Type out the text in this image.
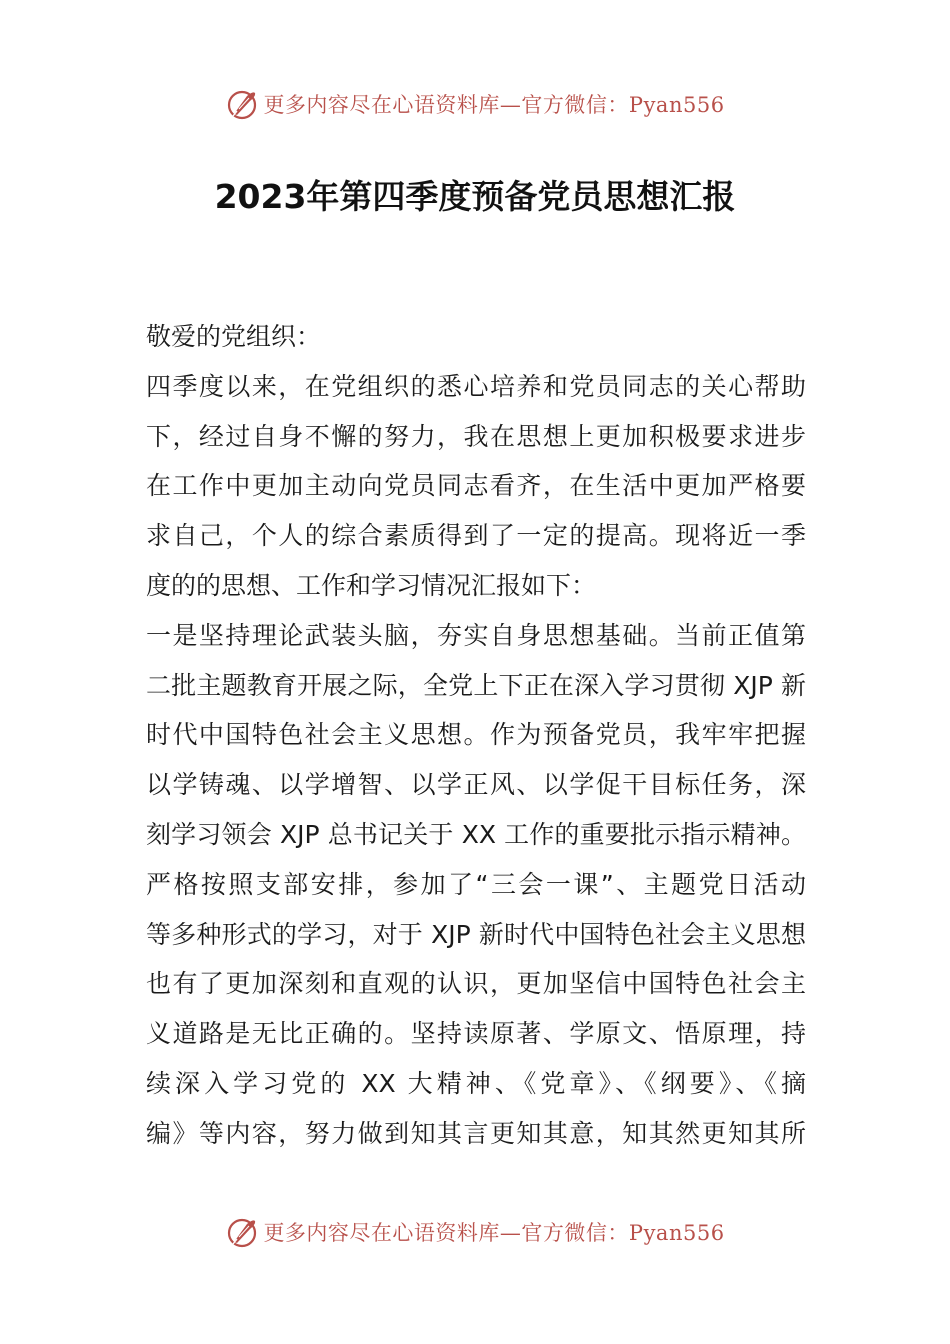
更多内容尽在心语资料库—官方微信：Pyan556
2023年第四季度预备党员思想汇报
敬爱的党组织：
四季度以来，在党组织的悉心培养和党员同志的关心帮助
下，经过自身不懈的努力，我在思想上更加积极要求进步
在工作中更加主动向党员同志看齐，在生活中更加严格要
求自己，个人的综合素质得到了一定的提高。现将近一季
度的的思想、工作和学习情况汇报如下：
一是坚持理论武装头脑，夯实自身思想基础。当前正值第
二批主题教育开展之际，全党上下正在深入学习贯彻 XJP 新
时代中国特色社会主义思想。作为预备党员，我牢牢把握
以学铸魂、以学增智、以学正风、以学促干目标任务，深
刻学习领会 XJP 总书记关于 XX 工作的重要批示指示精神。
严格按照支部安排，参加了“三会一课”、主题党日活动
等多种形式的学习，对于 XJP 新时代中国特色社会主义思想
也有了更加深刻和直观的认识，更加坚信中国特色社会主
义道路是无比正确的。坚持读原著、学原文、悟原理，持
续深入学习党的 XX 大精神、《党章》、《纲要》、《摘
编》等内容，努力做到知其言更知其意，知其然更知其所
更多内容尽在心语资料库—官方微信：Pyan556
